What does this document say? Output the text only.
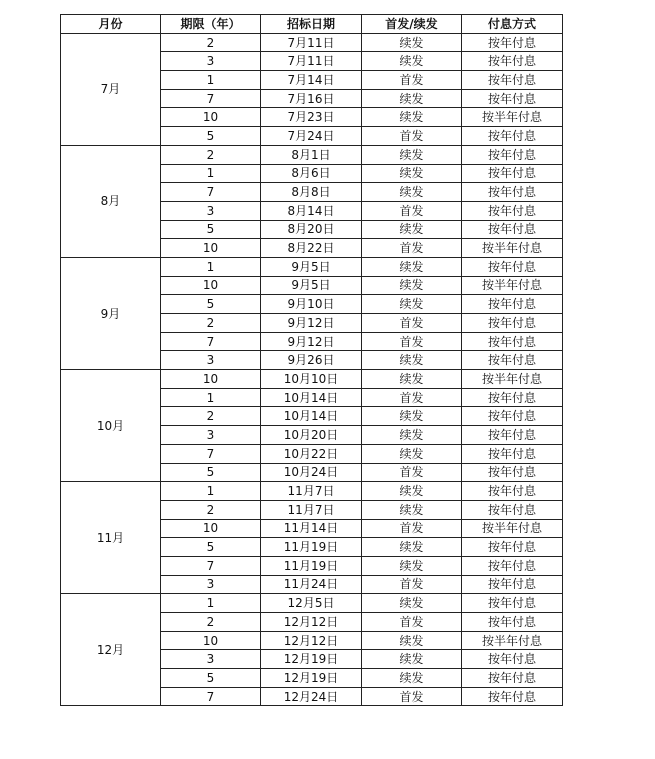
月份	期限（年）	招标日期	首发/续发	付息方式
7月	2	7月11日	续发	按年付息
	3	7月11日	续发	按年付息
	1	7月14日	首发	按年付息
	7	7月16日	续发	按年付息
	10	7月23日	续发	按半年付息
	5	7月24日	首发	按年付息
8月	2	8月1日	续发	按年付息
	1	8月6日	续发	按年付息
	7	8月8日	续发	按年付息
	3	8月14日	首发	按年付息
	5	8月20日	续发	按年付息
	10	8月22日	首发	按半年付息
9月	1	9月5日	续发	按年付息
	10	9月5日	续发	按半年付息
	5	9月10日	续发	按年付息
	2	9月12日	首发	按年付息
	7	9月12日	首发	按年付息
	3	9月26日	续发	按年付息
10月	10	10月10日	续发	按半年付息
	1	10月14日	首发	按年付息
	2	10月14日	续发	按年付息
	3	10月20日	续发	按年付息
	7	10月22日	续发	按年付息
	5	10月24日	首发	按年付息
11月	1	11月7日	续发	按年付息
	2	11月7日	续发	按年付息
	10	11月14日	首发	按半年付息
	5	11月19日	续发	按年付息
	7	11月19日	续发	按年付息
	3	11月24日	首发	按年付息
12月	1	12月5日	续发	按年付息
	2	12月12日	首发	按年付息
	10	12月12日	续发	按半年付息
	3	12月19日	续发	按年付息
	5	12月19日	续发	按年付息
	7	12月24日	首发	按年付息
